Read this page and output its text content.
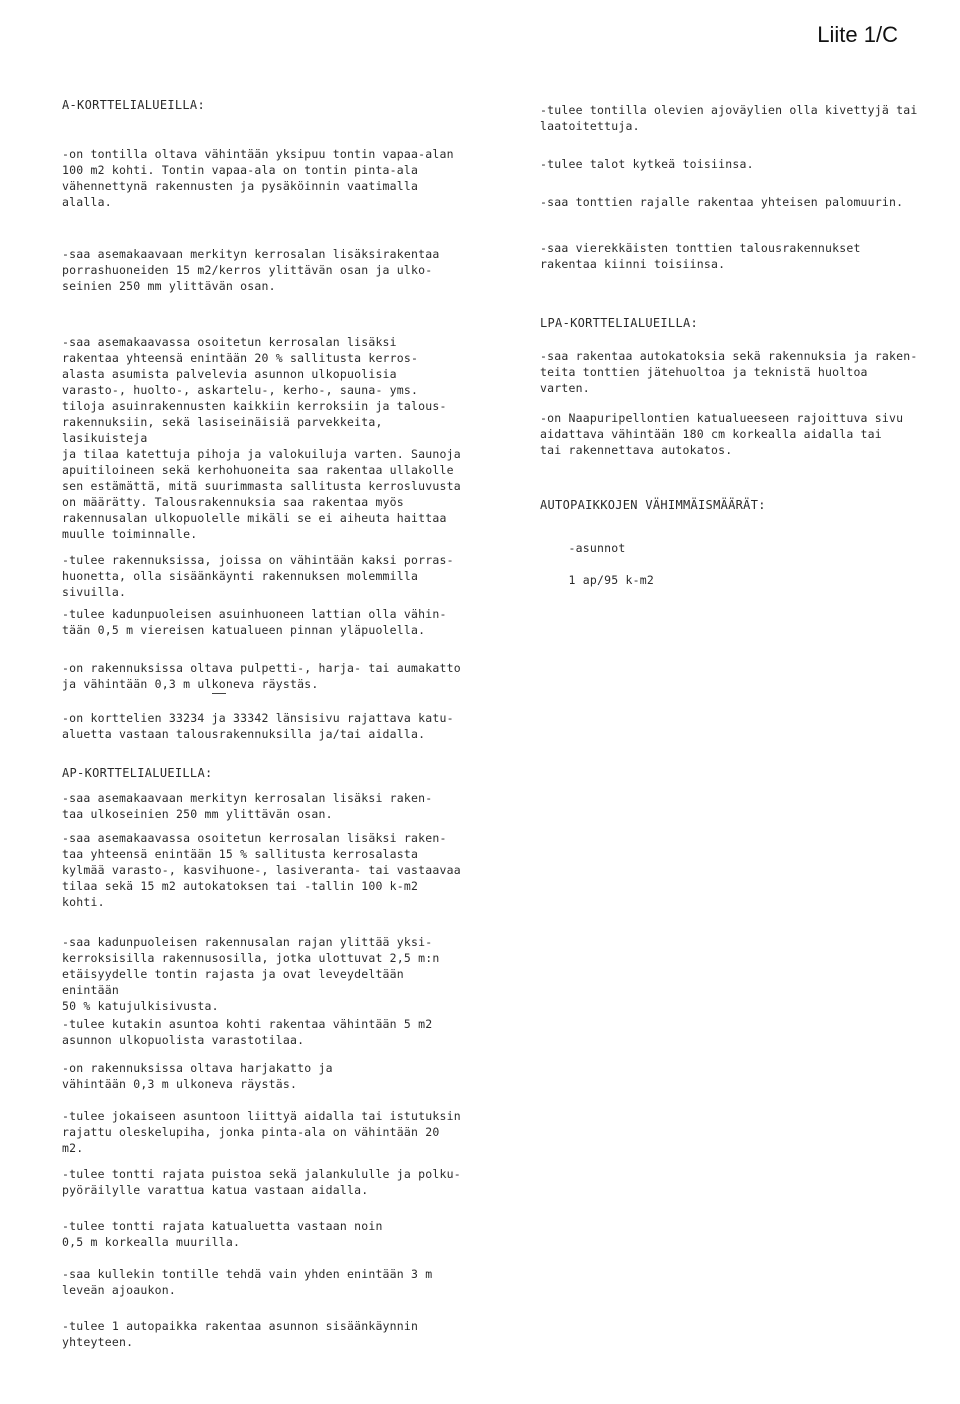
Liite 1/C
A-KORTTELIALUEILLA:
-on tontilla oltava vähintään yksipuu tontin vapaa-alan
100 m2 kohti. Tontin vapaa-ala on tontin pinta-ala
vähennettynä rakennusten ja pysäköinnin vaatimalla
alalla.
-saa asemakaavaan merkityn kerrosalan lisäksirakentaa
porrashuoneiden 15 m2/kerros ylittävän osan ja ulko-
seinien 250 mm ylittävän osan.
-saa asemakaavassa osoitetun kerrosalan lisäksi
rakentaa yhteensä enintään 20 % sallitusta kerros-
alasta asumista palvelevia asunnon ulkopuolisia
varasto-, huolto-, askartelu-, kerho-, sauna- yms.
tiloja asuinrakennusten kaikkiin kerroksiin ja talous-
rakennuksiin, sekä lasiseinäisiä parvekkeita, lasikuisteja
ja tilaa katettuja pihoja ja valokuiluja varten. Saunoja
apuitiloineen sekä kerhohuoneita saa rakentaa ullakolle
sen estämättä, mitä suurimmasta sallitusta kerrosluvusta
on määrätty. Talousrakennuksia saa rakentaa myös
rakennusalan ulkopuolelle mikäli se ei aiheuta haittaa
muulle toiminnalle.
-tulee rakennuksissa, joissa on vähintään kaksi porras-
huonetta, olla sisäänkäynti rakennuksen molemmilla sivuilla.
-tulee kadunpuoleisen asuinhuoneen lattian olla vähin-
tään 0,5 m viereisen katualueen pinnan yläpuolella.
-on rakennuksissa oltava pulpetti-, harja- tai aumakatto
ja vähintään 0,3 m ulkoneva räystäs.
-on korttelien 33234 ja 33342 länsisivu rajattava katu-
aluetta vastaan talousrakennuksilla ja/tai aidalla.
AP-KORTTELIALUEILLA:
-saa asemakaavaan merkityn kerrosalan lisäksi raken-
taa ulkoseinien 250 mm ylittävän osan.
-saa asemakaavassa osoitetun kerrosalan lisäksi raken-
taa yhteensä enintään 15 % sallitusta kerrosalasta
kylmää varasto-, kasvihuone-, lasiveranta- tai vastaavaa
tilaa sekä 15 m2 autokatoksen tai -tallin 100 k-m2 kohti.
-saa kadunpuoleisen rakennusalan rajan ylittää yksi-
kerroksisilla rakennusosilla, jotka ulottuvat 2,5 m:n
etäisyydelle tontin rajasta ja ovat leveydeltään enintään
50 % katujulkisivusta.
-tulee kutakin asuntoa kohti rakentaa vähintään 5 m2
asunnon ulkopuolista varastotilaa.
-on rakennuksissa oltava harjakatto ja
vähintään 0,3 m ulkoneva räystäs.
-tulee jokaiseen asuntoon liittyä aidalla tai istutuksin
rajattu oleskelupiha, jonka pinta-ala on vähintään 20 m2.
-tulee tontti rajata puistoa sekä jalankululle ja polku-
pyöräilylle varattua katua vastaan aidalla.
-tulee tontti rajata katualuetta vastaan noin
0,5 m korkealla muurilla.
-saa kullekin tontille tehdä vain yhden enintään 3 m
leveän ajoaukon.
-tulee 1 autopaikka rakentaa asunnon sisäänkäynnin
yhteyteen.
-tulee tontilla olevien ajoväylien olla kivettyjä tai
laatoitettuja.
-tulee talot kytkeä toisiinsa.
-saa tonttien rajalle rakentaa yhteisen palomuurin.
-saa vierekkäisten tonttien talousrakennukset
rakentaa kiinni toisiinsa.
LPA-KORTTELIALUEILLA:
-saa rakentaa autokatoksia sekä rakennuksia ja raken-
teita tonttien jätehuoltoa ja teknistä huoltoa varten.
-on Naapuripellontien katualueeseen rajoittuva sivu
aidattava vähintään 180 cm korkealla aidalla tai
tai rakennettava autokatos.
AUTOPAIKKOJEN VÄHIMMÄISMÄÄRÄT:

-asunnot

1 ap/95 k-m2
